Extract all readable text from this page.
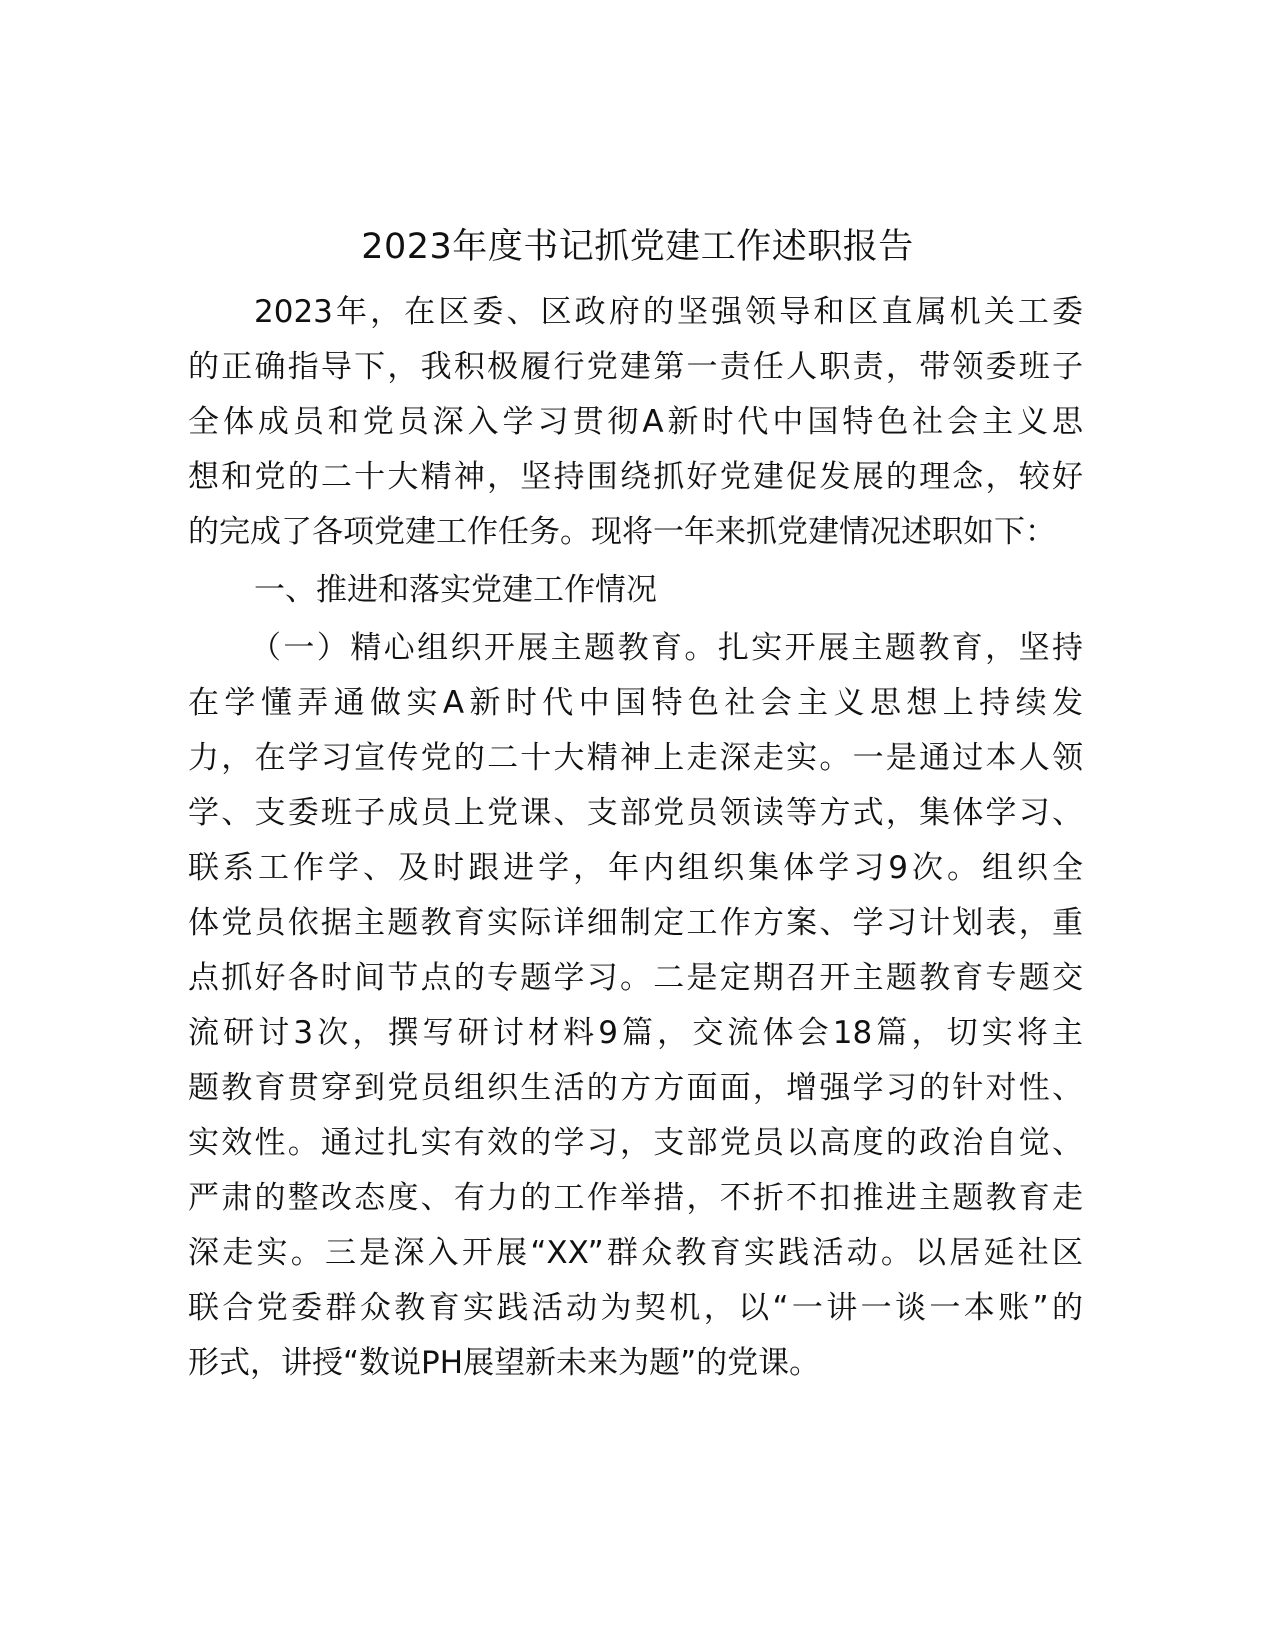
2023年度书记抓党建工作述职报告

2023年，在区委、区政府的坚强领导和区直属机关工委

的正确指导下，我积极履行党建第一责任人职责，带领委班子

全体成员和党员深入学习贯彻A新时代中国特色社会主义思

想和党的二十大精神，坚持围绕抓好党建促发展的理念，较好

的完成了各项党建工作任务。现将一年来抓党建情况述职如下：

一、推进和落实党建工作情况

（一）精心组织开展主题教育。扎实开展主题教育，坚持

在学懂弄通做实A新时代中国特色社会主义思想上持续发

力，在学习宣传党的二十大精神上走深走实。一是通过本人领

学、支委班子成员上党课、支部党员领读等方式，集体学习、

联系工作学、及时跟进学，年内组织集体学习9次。组织全

体党员依据主题教育实际详细制定工作方案、学习计划表，重

点抓好各时间节点的专题学习。二是定期召开主题教育专题交

流研讨3次，撰写研讨材料9篇，交流体会18篇，切实将主

题教育贯穿到党员组织生活的方方面面，增强学习的针对性、

实效性。通过扎实有效的学习，支部党员以高度的政治自觉、

严肃的整改态度、有力的工作举措，不折不扣推进主题教育走

深走实。三是深入开展“XX”群众教育实践活动。以居延社区

联合党委群众教育实践活动为契机，以“一讲一谈一本账”的

形式，讲授“数说PH展望新未来为题”的党课。
